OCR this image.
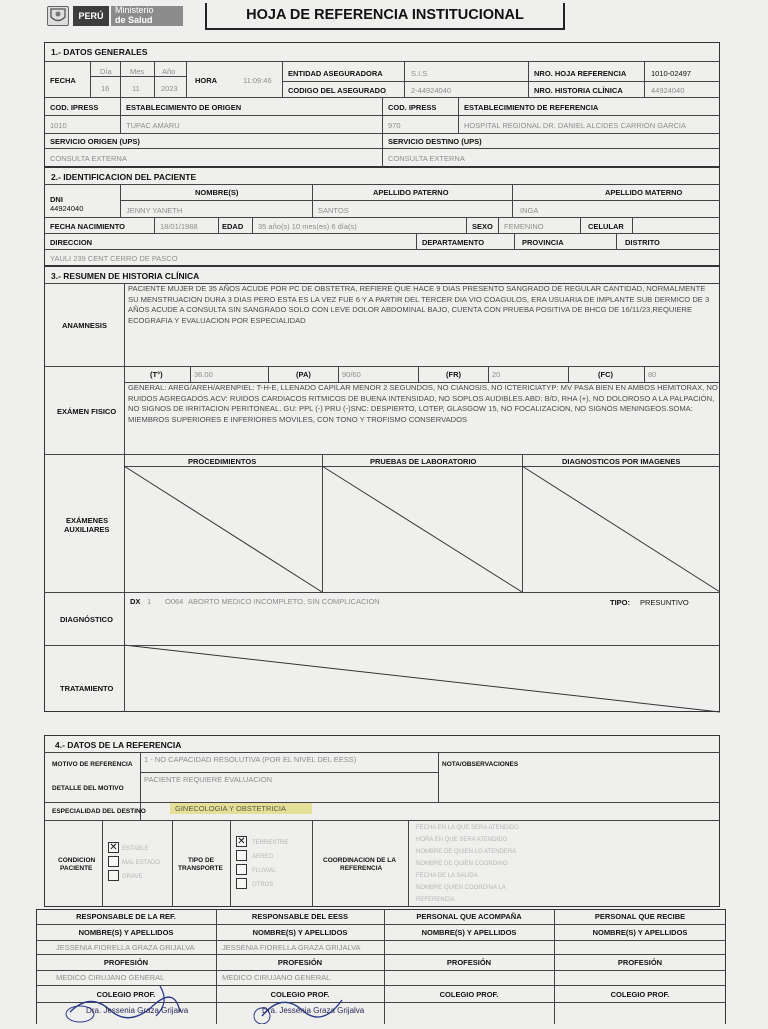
PERÚ
Ministerio
de Salud	HOJA DE REFERENCIA INSTITUCIONAL
1.- DATOS GENERALES
FECHA
Día Mes Año
16	11	2023
HORA	11:09:46
ENTIDAD ASEGURADORA	S.I.S
CODIGO DEL ASEGURADO	2-44924040
NRO. HOJA REFERENCIA	1010-02497
NRO. HISTORIA CLÍNICA	44924040
COD. IPRESS	ESTABLECIMIENTO DE ORIGEN
1010	TUPAC AMARU
COD. IPRESS	ESTABLECIMIENTO DE REFERENCIA
970	HOSPITAL REGIONAL DR. DANIEL ALCIDES CARRION GARCIA
SERVICIO ORIGEN (UPS)
CONSULTA EXTERNA
SERVICIO DESTINO (UPS)
CONSULTA EXTERNA
2.- IDENTIFICACION DEL PACIENTE
DNI
44924040
NOMBRE(S)
JENNY YANETH
APELLIDO PATERNO
SANTOS
APELLIDO MATERNO
INGA
FECHA NACIMIENTO	18/01/1988	EDAD 35 año(s) 10 mes(es) 6 día(s)	SEXO FEMENINO	CELULAR
DIRECCION
YAULI 239 CENT CERRO DE PASCO
DEPARTAMENTO	PROVINCIA	DISTRITO
3.- RESUMEN DE HISTORIA CLÍNICA
ANAMNESIS
PACIENTE MUJER DE 35 AÑOS ACUDE POR PC DE OBSTETRA, REFIERE QUE HACE 9 DIAS PRESENTO SANGRADO DE REGULAR CANTIDAD, NORMALMENTE SU MENSTRUACION DURA 3 DIAS PERO ESTA ES LA VEZ FUE 6 Y A PARTIR DEL TERCER DIA VIO COAGULOS, ERA USUARIA DE IMPLANTE SUB DERMICO DE 3 AÑOS ACUDE A CONSULTA SIN SANGRADO SOLO CON LEVE DOLOR ABDOMINAL BAJO, CUENTA CON PRUEBA POSITIVA DE BHCG DE 16/11/23,REQUIERE ECOGRAFIA Y EVALUACION POR ESPECIALIDAD
(T°)	36.00	(PA)	90/60	(FR)	20	(FC)	80
EXÁMEN FISICO
GENERAL: AREG/AREH/ARENPIEL: T-H-E, LLENADO CAPILAR MENOR 2 SEGUNDOS, NO CIANOSIS, NO ICTERICIATYP: MV PASA BIEN EN AMBOS HEMITORAX, NO RUIDOS AGREGADOS.ACV: RUIDOS CARDIACOS RITMICOS DE BUENA INTENSIDAD, NO SOPLOS AUDIBLES.ABD: B/D, RHA (+), NO DOLOROSO A LA PALPACIÓN, NO SIGNOS DE IRRITACION PERITONEAL. GU: PPL (-) PRU (-)SNC: DESPIERTO, LOTEP, GLASGOW 15, NO FOCALIZACION, NO SIGNOS MENINGEOS.SOMA: MIEMBROS SUPERIORES E INFERIORES MOVILES, CON TONO Y TROFISMO CONSERVADOS
PROCEDIMIENTOS	PRUEBAS DE LABORATORIO	DIAGNOSTICOS POR IMAGENES
EXÁMENES
AUXILIARES
DIAGNÓSTICO
DX 1 O064 ABORTO MEDICO INCOMPLETO, SIN COMPLICACION	TIPO: PRESUNTIVO
TRATAMIENTO
4.- DATOS DE LA REFERENCIA
MOTIVO DE REFERENCIA
1 - NO CAPACIDAD RESOLUTIVA (POR EL NIVEL DEL EESS)
NOTA/OBSERVACIONES
DETALLE DEL MOTIVO
PACIENTE REQUIERE EVALUACION
ESPECIALIDAD DEL DESTINO	GINECOLOGIA Y OBSTETRICIA
CONDICION
PACIENTE
✕ ESTABLE
MAL ESTADO
GRAVE
TIPO DE
TRANSPORTE
✕ TERRESTRE
AEREO
FLUVIAL
OTROS
COORDINACION DE LA
REFERENCIA
FECHA EN LA QUE SERA ATENDIDO
HORA EN QUE SERA ATENDIDO
NOMBRE DE QUIEN LO ATENDERA
NOMBRE DE QUIEN COORDINO
FECHA DE LA SALIDA
NOMBRE QUIEN COORDINA LA
REFERENCIA
RESPONSABLE DE LA REF.	RESPONSABLE DEL EESS	PERSONAL QUE ACOMPAÑA	PERSONAL QUE RECIBE
NOMBRE(S) Y APELLIDOS	NOMBRE(S) Y APELLIDOS	NOMBRE(S) Y APELLIDOS	NOMBRE(S) Y APELLIDOS
JESSENIA FIORELLA GRAZA GRIJALVA	JESSENIA FIORELLA GRAZA GRIJALVA
PROFESIÓN	PROFESIÓN	PROFESIÓN	PROFESIÓN
MEDICO CIRUJANO GENERAL	MEDICO CIRUJANO GENERAL
COLEGIO PROF.	COLEGIO PROF.	COLEGIO PROF.	COLEGIO PROF.
Dra. Jessenia Graza Grijalva	Dra. Jessenia Graza Grijalva
